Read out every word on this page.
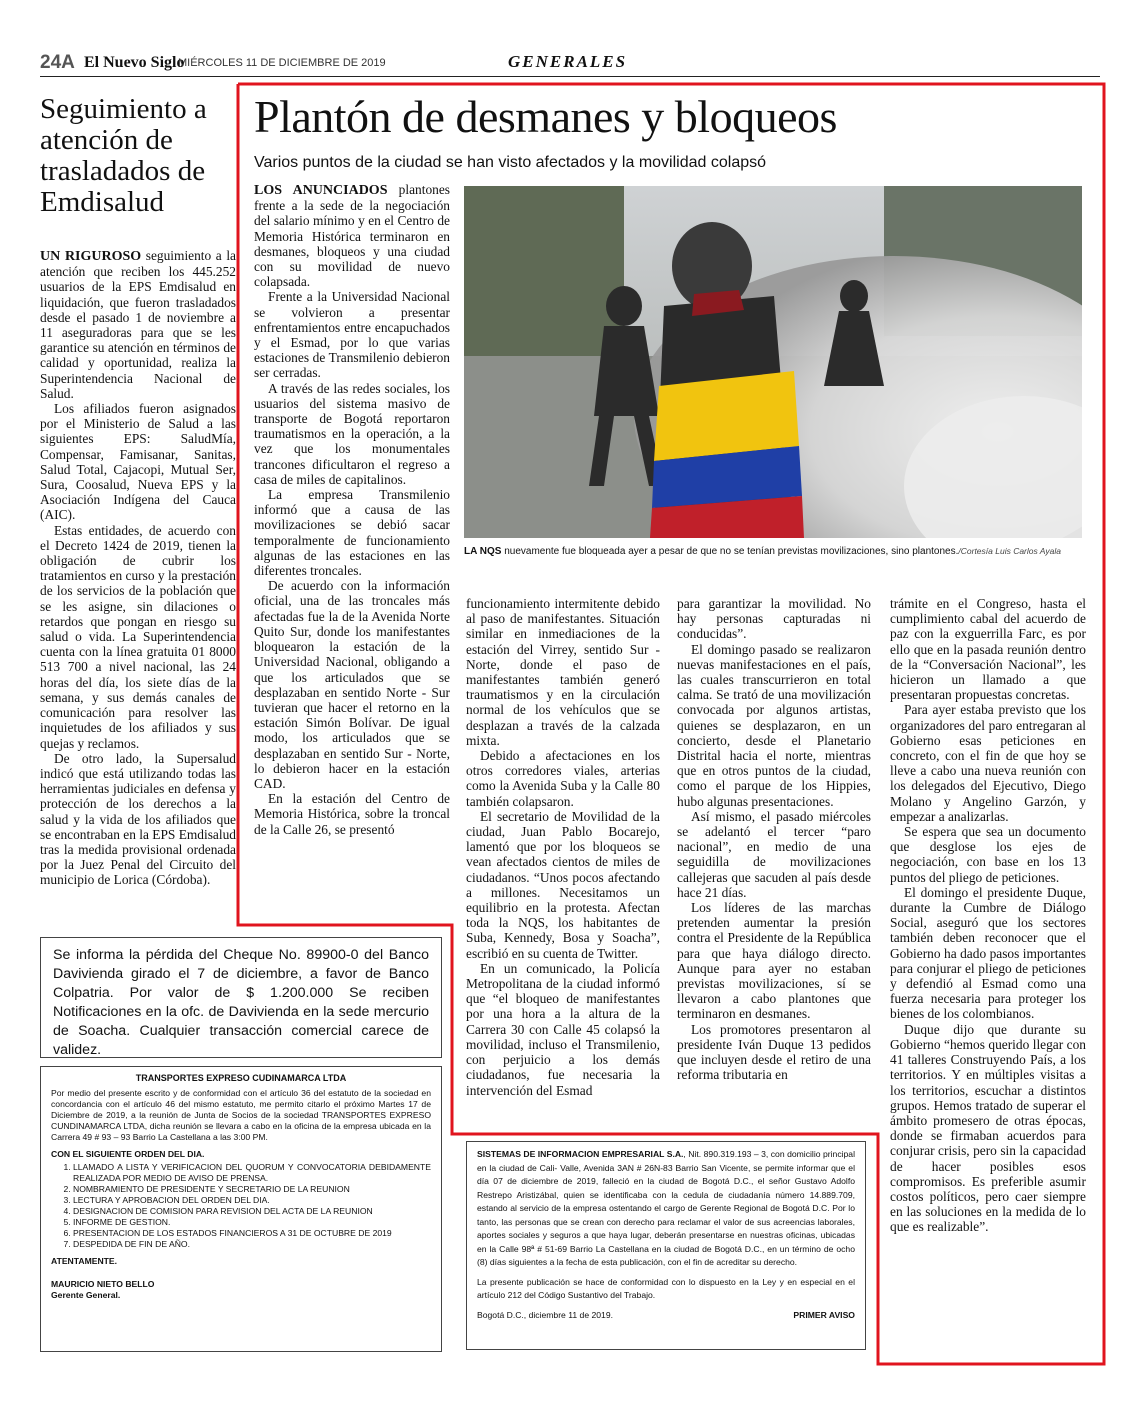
24A El Nuevo Siglo
MIÉRCOLES 11 DE DICIEMBRE DE 2019	GENERALES
Seguimiento a atención de trasladados de Emdisalud

UN RIGUROSO seguimiento a la atención que reciben los 445.252 usuarios de la EPS Emdisalud en liquidación, que fueron trasladados desde el pasado 1 de noviembre a 11 aseguradoras para que se les garantice su atención en términos de calidad y oportunidad, realiza la Superintendencia Nacional de Salud.

Los afiliados fueron asignados por el Ministerio de Salud a las siguientes EPS: SaludMía, Compensar, Famisanar, Sanitas, Salud Total, Cajacopi, Mutual Ser, Sura, Coosalud, Nueva EPS y la Asociación Indígena del Cauca (AIC).

Estas entidades, de acuerdo con el Decreto 1424 de 2019, tienen la obligación de cubrir los tratamientos en curso y la prestación de los servicios de la población que se les asigne, sin dilaciones o retardos que pongan en riesgo su salud o vida. La Superintendencia cuenta con la línea gratuita 01 8000 513 700 a nivel nacional, las 24 horas del día, los siete días de la semana, y sus demás canales de comunicación para resolver las inquietudes de los afiliados y sus quejas y reclamos.

De otro lado, la Supersalud indicó que está utilizando todas las herramientas judiciales en defensa y protección de los derechos a la salud y la vida de los afiliados que se encontraban en la EPS Emdisalud tras la medida provisional ordenada por la Juez Penal del Circuito del municipio de Lorica (Córdoba).

Plantón de desmanes y bloqueos
Varios puntos de la ciudad se han visto afectados y la movilidad colapsó

LOS ANUNCIADOS plantones frente a la sede de la negociación del salario mínimo y en el Centro de Memoria Histórica terminaron en desmanes, bloqueos y una ciudad con su movilidad de nuevo colapsada.

Frente a la Universidad Nacional se volvieron a presentar enfrentamientos entre encapuchados y el Esmad, por lo que varias estaciones de Transmilenio debieron ser cerradas.

A través de las redes sociales, los usuarios del sistema masivo de transporte de Bogotá reportaron traumatismos en la operación, a la vez que los monumentales trancones dificultaron el regreso a casa de miles de capitalinos.

La empresa Transmilenio informó que a causa de las movilizaciones se debió sacar temporalmente de funcionamiento algunas de las estaciones en las diferentes troncales.

De acuerdo con la información oficial, una de las troncales más afectadas fue la de la Avenida Norte Quito Sur, donde los manifestantes bloquearon la estación de la Universidad Nacional, obligando a que los articulados que se desplazaban en sentido Norte - Sur tuvieran que hacer el retorno en la estación Simón Bolívar. De igual modo, los articulados que se desplazaban en sentido Sur - Norte, lo debieron hacer en la estación CAD.

En la estación del Centro de Memoria Histórica, sobre la troncal de la Calle 26, se presentó

LA NQS nuevamente fue bloqueada ayer a pesar de que no se tenían previstas movilizaciones, sino plantones./Cortesía Luis Carlos Ayala

funcionamiento intermitente debido al paso de manifestantes. Situación similar en inmediaciones de la estación del Virrey, sentido Sur - Norte, donde el paso de manifestantes también generó traumatismos y en la circulación normal de los vehículos que se desplazan a través de la calzada mixta.

Debido a afectaciones en los otros corredores viales, arterias como la Avenida Suba y la Calle 80 también colapsaron.

El secretario de Movilidad de la ciudad, Juan Pablo Bocarejo, lamentó que por los bloqueos se vean afectados cientos de miles de ciudadanos. “Unos pocos afectando a millones. Necesitamos un equilibrio en la protesta. Afectan toda la NQS, los habitantes de Suba, Kennedy, Bosa y Soacha”, escribió en su cuenta de Twitter.

En un comunicado, la Policía Metropolitana de la ciudad informó que “el bloqueo de manifestantes por una hora a la altura de la Carrera 30 con Calle 45 colapsó la movilidad, incluso el Transmilenio, con perjuicio a los demás ciudadanos, fue necesaria la intervención del Esmad

para garantizar la movilidad. No hay personas capturadas ni conducidas”.

El domingo pasado se realizaron nuevas manifestaciones en el país, las cuales transcurrieron en total calma. Se trató de una movilización convocada por algunos artistas, quienes se desplazaron, en un concierto, desde el Planetario Distrital hacia el norte, mientras que en otros puntos de la ciudad, como el parque de los Hippies, hubo algunas presentaciones.

Así mismo, el pasado miércoles se adelantó el tercer “paro nacional”, en medio de una seguidilla de movilizaciones callejeras que sacuden al país desde hace 21 días.

Los líderes de las marchas pretenden aumentar la presión contra el Presidente de la República para que haya diálogo directo. Aunque para ayer no estaban previstas movilizaciones, sí se llevaron a cabo plantones que terminaron en desmanes.

Los promotores presentaron al presidente Iván Duque 13 pedidos que incluyen desde el retiro de una reforma tributaria en

trámite en el Congreso, hasta el cumplimiento cabal del acuerdo de paz con la exguerrilla Farc, es por ello que en la pasada reunión dentro de la “Conversación Nacional”, les hicieron un llamado a que presentaran propuestas concretas.

Para ayer estaba previsto que los organizadores del paro entregaran al Gobierno esas peticiones en concreto, con el fin de que hoy se lleve a cabo una nueva reunión con los delegados del Ejecutivo, Diego Molano y Angelino Garzón, y empezar a analizarlas.

Se espera que sea un documento que desglose los ejes de negociación, con base en los 13 puntos del pliego de peticiones.

El domingo el presidente Duque, durante la Cumbre de Diálogo Social, aseguró que los sectores también deben reconocer que el Gobierno ha dado pasos importantes para conjurar el pliego de peticiones y defendió al Esmad como una fuerza necesaria para proteger los bienes de los colombianos.

Duque dijo que durante su Gobierno “hemos querido llegar con 41 talleres Construyendo País, a los territorios. Y en múltiples visitas a los territorios, escuchar a distintos grupos. Hemos tratado de superar el ámbito promesero de otras épocas, donde se firmaban acuerdos para conjurar crisis, pero sin la capacidad de hacer posibles esos compromisos. Es preferible asumir costos políticos, pero caer siempre en las soluciones en la medida de lo que es realizable”.

Se informa la pérdida del Cheque No. 89900-0 del Banco Davivienda girado el 7 de diciembre, a favor de Banco Colpatria. Por valor de $ 1.200.000 Se reciben Notificaciones en la ofc. de Davivienda en la sede mercurio de Soacha. Cualquier transacción comercial carece de validez.
TRANSPORTES EXPRESO CUDINAMARCA LTDA
Por medio del presente escrito y de conformidad con el artículo 36 del estatuto de la sociedad en concordancia con el artículo 46 del mismo estatuto, me permito citarlo el próximo Martes 17 de Diciembre de 2019, a la reunión de Junta de Socios de la sociedad TRANSPORTES EXPRESO CUNDINAMARCA LTDA, dicha reunión se llevara a cabo en la oficina de la empresa ubicada en la Carrera 49 # 93 – 93 Barrio La Castellana a las 3:00 PM.
CON EL SIGUIENTE ORDEN DEL DIA.
1. LLAMADO A LISTA Y VERIFICACION DEL QUORUM Y CONVOCATORIA DEBIDAMENTE REALIZADA POR MEDIO DE AVISO DE PRENSA.
2. NOMBRAMIENTO DE PRESIDENTE Y SECRETARIO DE LA REUNION
3. LECTURA Y APROBACION DEL ORDEN DEL DIA.
4. DESIGNACION DE COMISION PARA REVISION DEL ACTA DE LA REUNION
5. INFORME DE GESTION.
6. PRESENTACION DE LOS ESTADOS FINANCIEROS A 31 DE OCTUBRE DE 2019
7. DESPEDIDA DE FIN DE AÑO.
ATENTAMENTE.
MAURICIO NIETO BELLO
Gerente General.
SISTEMAS DE INFORMACION EMPRESARIAL S.A., Nit. 890.319.193 – 3, con domicilio principal en la ciudad de Cali- Valle, Avenida 3AN # 26N-83 Barrio San Vicente, se permite informar que el día 07 de diciembre de 2019, falleció en la ciudad de Bogotá D.C., el señor Gustavo Adolfo Restrepo Aristizábal, quien se identificaba con la cedula de ciudadanía número 14.889.709, estando al servicio de la empresa ostentando el cargo de Gerente Regional de Bogotá D.C. Por lo tanto, las personas que se crean con derecho para reclamar el valor de sus acreencias laborales, aportes sociales y seguros a que haya lugar, deberán presentarse en nuestras oficinas, ubicadas en la Calle 98ª # 51-69 Barrio La Castellana en la ciudad de Bogotá D.C., en un término de ocho (8) días siguientes a la fecha de esta publicación, con el fin de acreditar su derecho.
La presente publicación se hace de conformidad con lo dispuesto en la Ley y en especial en el artículo 212 del Código Sustantivo del Trabajo.
Bogotá D.C., diciembre 11 de 2019.	PRIMER AVISO
